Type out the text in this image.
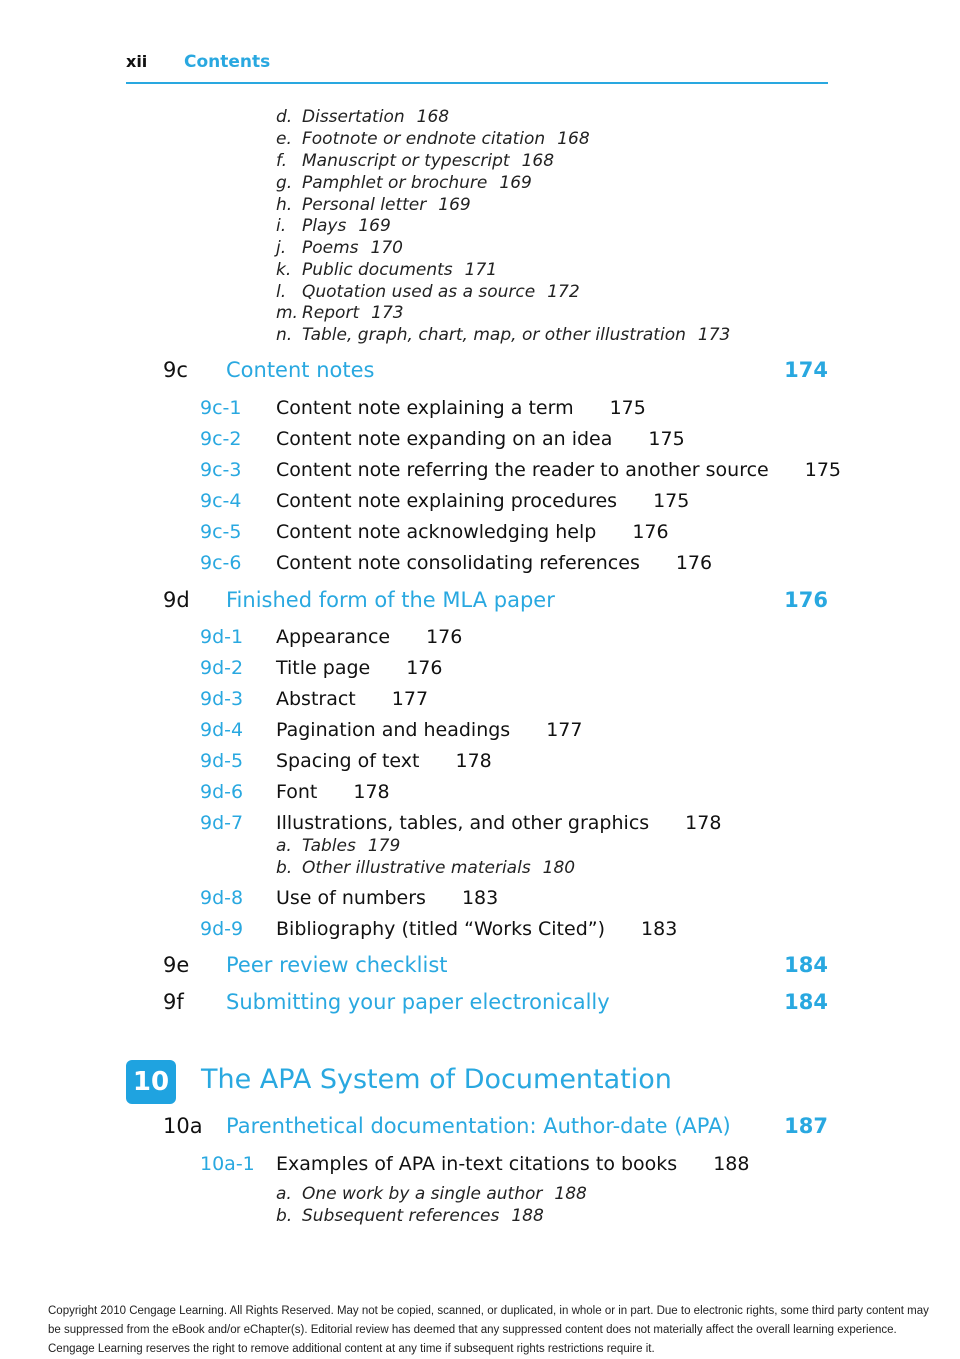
xii Contents
d. Dissertation 168
e. Footnote or endnote citation 168
f. Manuscript or typescript 168
g. Pamphlet or brochure 169
h. Personal letter 169
i. Plays 169
j. Poems 170
k. Public documents 171
l. Quotation used as a source 172
m. Report 173
n. Table, graph, chart, map, or other illustration 173
9c Content notes	174
9c-1 Content note explaining a term 175
9c-2 Content note expanding on an idea 175
9c-3 Content note referring the reader to another source 175
9c-4 Content note explaining procedures 175
9c-5 Content note acknowledging help 176
9c-6 Content note consolidating references 176
9d Finished form of the MLA paper	176
9d-1 Appearance 176
9d-2 Title page 176
9d-3 Abstract 177
9d-4 Pagination and headings 177
9d-5 Spacing of text 178
9d-6 Font 178
9d-7 Illustrations, tables, and other graphics 178
a. Tables 179
b. Other illustrative materials 180
9d-8 Use of numbers 183
9d-9 Bibliography (titled “Works Cited”) 183
9e Peer review checklist	184
9f Submitting your paper electronically	184
10 The APA System of Documentation
10a Parenthetical documentation: Author-date (APA)	187
10a-1 Examples of APA in-text citations to books 188
a. One work by a single author 188
b. Subsequent references 188
Copyright 2010 Cengage Learning. All Rights Reserved. May not be copied, scanned, or duplicated, in whole or in part. Due to electronic rights, some third party content may be suppressed from the eBook and/or eChapter(s). Editorial review has deemed that any suppressed content does not materially affect the overall learning experience. Cengage Learning reserves the right to remove additional content at any time if subsequent rights restrictions require it.
